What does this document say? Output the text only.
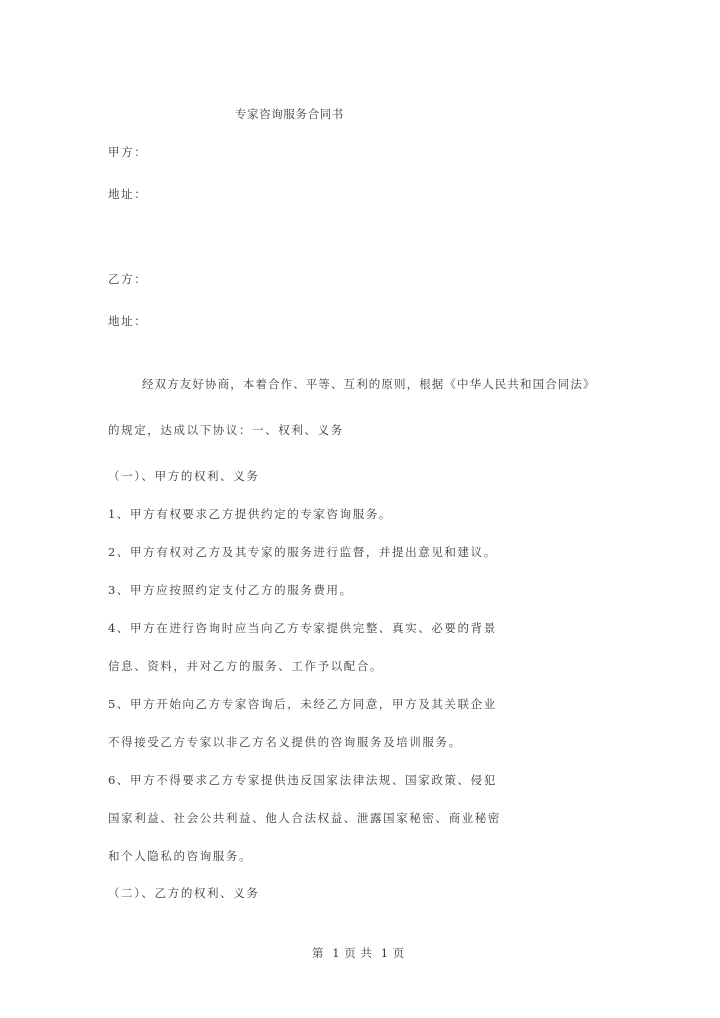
专家咨询服务合同书
甲方：
地址：
乙方：
地址：
经双方友好协商，本着合作、平等、互利的原则，根据《中华人民共和国合同法》
的规定，达成以下协议：一、权利、义务
（一）、甲方的权利、义务
1、甲方有权要求乙方提供约定的专家咨询服务。
2、甲方有权对乙方及其专家的服务进行监督，并提出意见和建议。
3、甲方应按照约定支付乙方的服务费用。
4、甲方在进行咨询时应当向乙方专家提供完整、真实、必要的背景
信息、资料，并对乙方的服务、工作予以配合。
5、甲方开始向乙方专家咨询后，未经乙方同意，甲方及其关联企业
不得接受乙方专家以非乙方名义提供的咨询服务及培训服务。
6、甲方不得要求乙方专家提供违反国家法律法规、国家政策、侵犯
国家利益、社会公共利益、他人合法权益、泄露国家秘密、商业秘密
和个人隐私的咨询服务。
（二）、乙方的权利、义务
第  1 页 共  1 页
